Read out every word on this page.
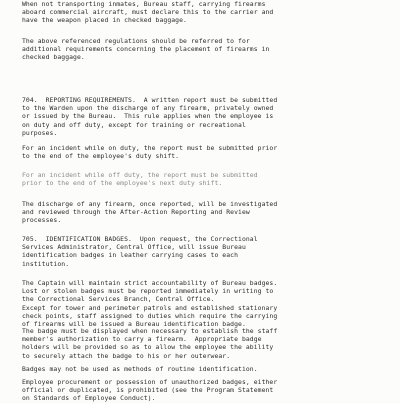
When not transporting inmates, Bureau staff, carrying firearms
aboard commercial aircraft, must declare this to the carrier and
have the weapon placed in checked baggage.
The above referenced regulations should be referred to for
additional requirements concerning the placement of firearms in
checked baggage.
704.  REPORTING REQUIREMENTS.  A written report must be submitted
to the Warden upon the discharge of any firearm, privately owned
or issued by the Bureau.  This rule applies when the employee is
on duty and off duty, except for training or recreational
purposes.
For an incident while on duty, the report must be submitted prior
to the end of the employee's duty shift.
For an incident while off duty, the report must be submitted
prior to the end of the employee's next duty shift.
The discharge of any firearm, once reported, will be investigated
and reviewed through the After-Action Reporting and Review
processes.
705.  IDENTIFICATION BADGES.  Upon request, the Correctional
Services Administrator, Central Office, will issue Bureau
identification badges in leather carrying cases to each
institution.
The Captain will maintain strict accountability of Bureau badges.
Lost or stolen badges must be reported immediately in writing to
the Correctional Services Branch, Central Office.
Except for tower and perimeter patrols and established stationary
check points, staff assigned to duties which require the carrying
of firearms will be issued a Bureau identification badge.
The badge must be displayed when necessary to establish the staff
member's authorization to carry a firearm.  Appropriate badge
holders will be provided so as to allow the employee the ability
to securely attach the badge to his or her outerwear.
Badges may not be used as methods of routine identification.
Employee procurement or possession of unauthorized badges, either
official or duplicated, is prohibited (see the Program Statement
on Standards of Employee Conduct).
